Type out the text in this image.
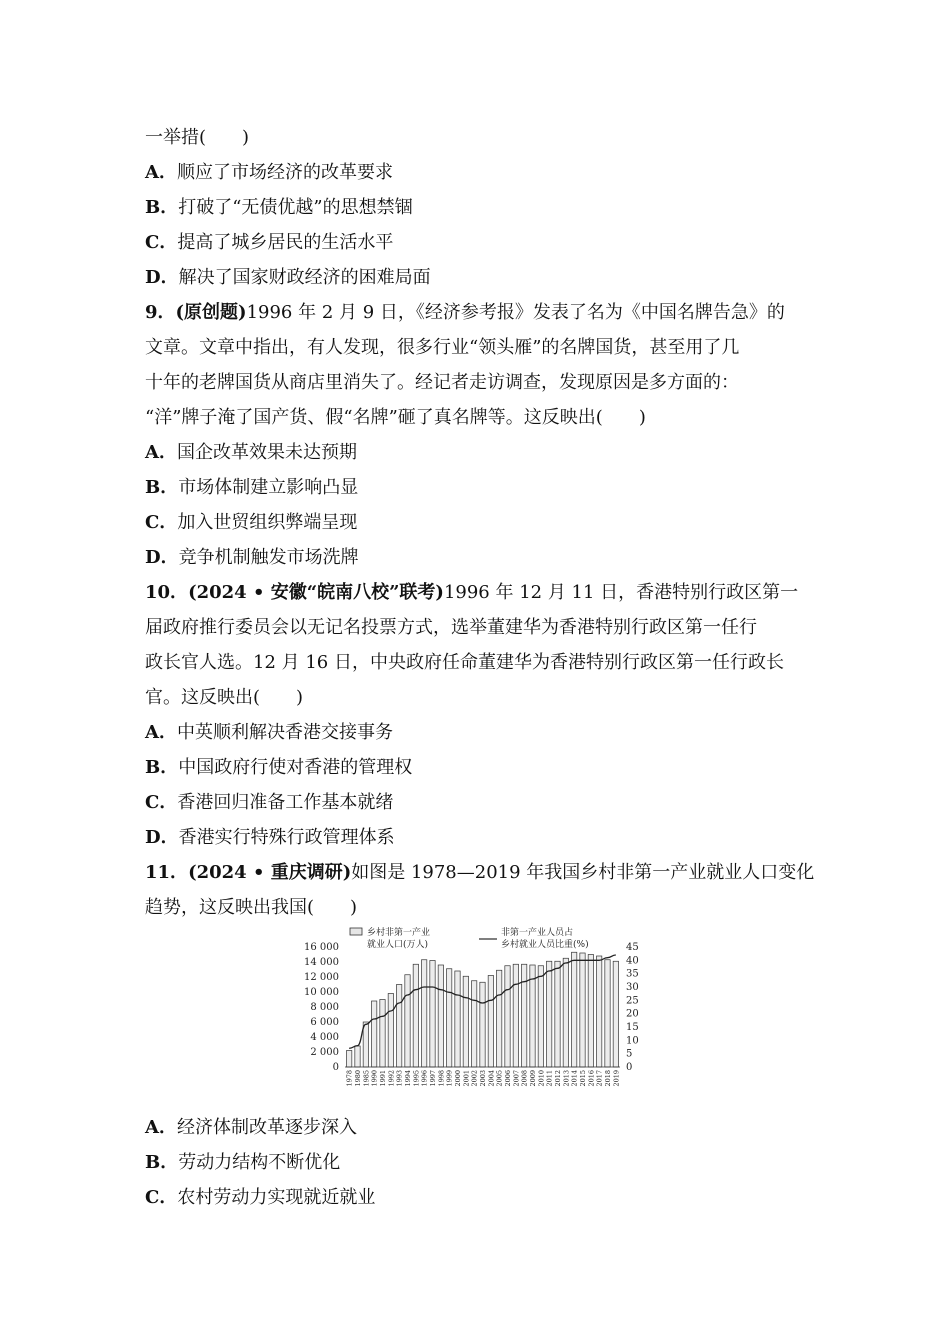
一举措(　　)
A．顺应了市场经济的改革要求
B．打破了“无债优越”的思想禁锢
C．提高了城乡居民的生活水平
D．解决了国家财政经济的困难局面
9．(原创题)1996 年 2 月 9 日，《经济参考报》发表了名为《中国名牌告急》的
文章。文章中指出，有人发现，很多行业“领头雁”的名牌国货，甚至用了几
十年的老牌国货从商店里消失了。经记者走访调查，发现原因是多方面的：
“洋”牌子淹了国产货、假“名牌”砸了真名牌等。这反映出(　　)
A．国企改革效果未达预期
B．市场体制建立影响凸显
C．加入世贸组织弊端呈现
D．竞争机制触发市场洗牌
10．(2024 • 安徽“皖南八校”联考)1996 年 12 月 11 日，香港特别行政区第一
届政府推行委员会以无记名投票方式，选举董建华为香港特别行政区第一任行
政长官人选。12 月 16 日，中央政府任命董建华为香港特别行政区第一任行政长
官。这反映出(　　)
A．中英顺利解决香港交接事务
B．中国政府行使对香港的管理权
C．香港回归准备工作基本就绪
D．香港实行特殊行政管理体系
11．(2024 • 重庆调研)如图是 1978—2019 年我国乡村非第一产业就业人口变化
趋势，这反映出我国(　　)
乡村非第一产业
就业人口(万人)
非第一产业人员占
乡村就业人员比重(%)
0
2 000
4 000
6 000
8 000
10 000
12 000
14 000
16 000
0
5
10
15
20
25
30
35
40
45
1978 1980 1985 1990 1991 1992 1993 1994 1995 1996 1997 1998 1999 2000 2001 2002 2003 2004 2005 2006 2007 2008 2009 2010 2011 2012 2013 2014 2015 2016 2017 2018 2019
A．经济体制改革逐步深入
B．劳动力结构不断优化
C．农村劳动力实现就近就业
